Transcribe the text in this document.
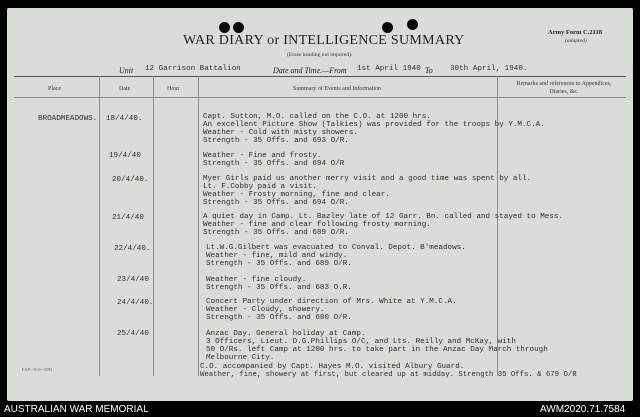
WAR DIARY or INTELLIGENCE SUMMARY
(Erase heading not required).
Army Form C.2118
(adapted)
Unit 12 Garrison Battalion	Date and Time.—From 1st April 1940 To 30th April, 1940.
Place	Date	Hour	Summary of Events and Information
Remarks and references to Appendices, Diaries, &c.
BROADMEADOWS. 18/4/40.	Capt. Sutton, M.O. called on the C.O. at 1200 hrs.
An excellent Picture Show (Talkies) was provided for the troops by Y.M.C.A.
Weather - Cold with misty showers.
Strength - 35 Offs. and 693 O/R.
19/4/40	Weather - Fine and frosty.
Strength - 35 Offs. and 694 O/R
20/4/40.	Myer Girls paid us another merry visit and a good time was spent by all.
Lt. F.Cobby paid a visit.
Weather - Frosty morning, fine and clear.
Strength - 35 Offs. and 694 O/R.
21/4/40	A quiet day in Camp. Lt. Bazley late of 12 Garr. Bn. called and stayed to Mess.
Weather - fine and clear following frosty morning.
Strength - 35 Offs. and 689 O/R.
22/4/40.	Lt.W.G.Gilbert was evacuated to Conval. Depot. B'meadows.
Weather - fine, mild and windy.
Strength - 35 Offs. and 689 O/R.
23/4/40	Weather - fine cloudy.
Strength - 35 Offs. and 683 O.R.
24/4/40.	Concert Party under direction of Mrs. White at Y.M.C.A.
Weather - Cloudy, showery.
Strength - 35 Offs. and 680 O/R.
25/4/40	Anzac Day. General holiday at Camp.
3 Officers, Lieut. D.G.Phillips O/C, and Lts. Reilly and McKay, with
50 O/Rs. left Camp at 1200 hrs. to take part in the Anzac Day March through
Melbourne City.
C.O. accompanied by Capt. Hayes M.O. visited Albury Guard.
Weather, fine, showery at first, but cleared up at midday. Strength 35 Offs. & 679 O/R
F.S.P.--N.O.--2393
AUSTRALIAN WAR MEMORIAL	AWM2020.71.7584
